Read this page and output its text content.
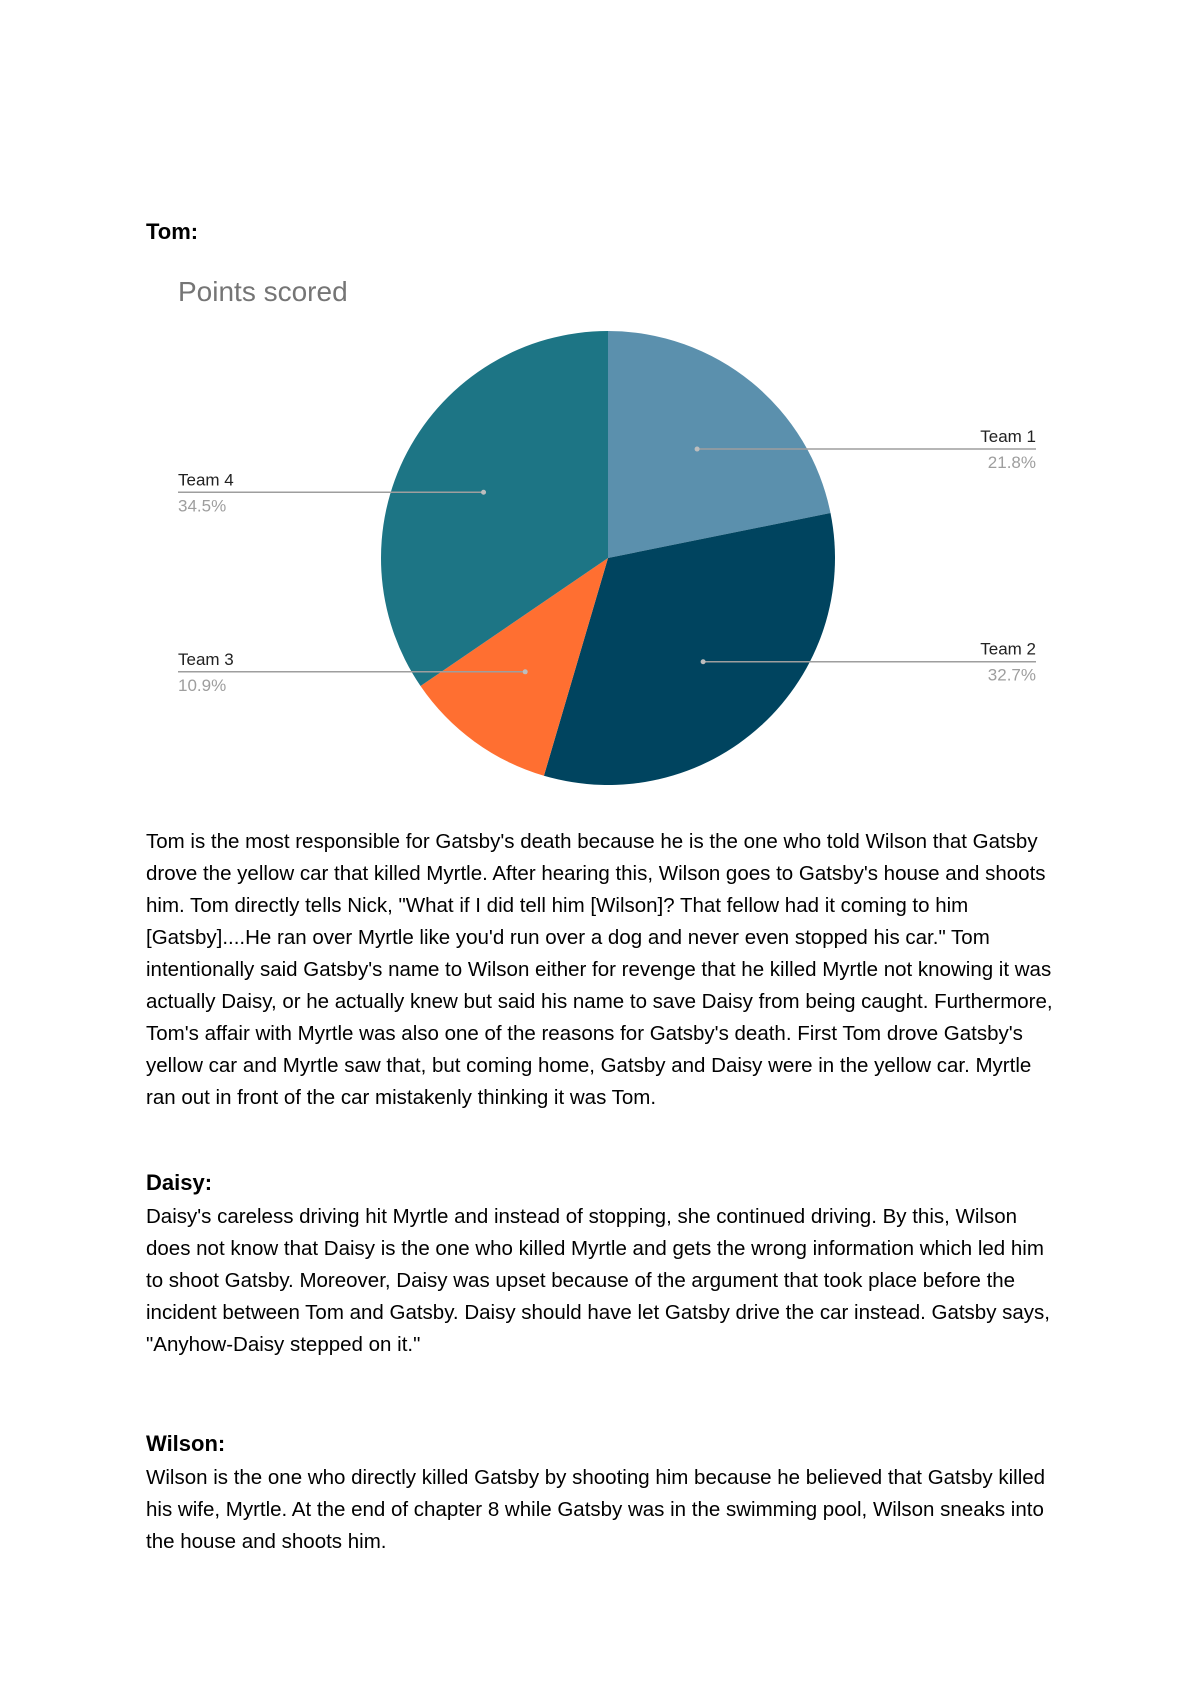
Tom:
Points scored
Team 1
21.8%
Team 2
32.7%
Team 3
10.9%
Team 4
34.5%

Tom is the most responsible for Gatsby's death because he is the one who told Wilson that Gatsby drove the yellow car that killed Myrtle. After hearing this, Wilson goes to Gatsby's house and shoots him. Tom directly tells Nick, "What if I did tell him [Wilson]? That fellow had it coming to him [Gatsby]....He ran over Myrtle like you'd run over a dog and never even stopped his car." Tom intentionally said Gatsby's name to Wilson either for revenge that he killed Myrtle not knowing it was actually Daisy, or he actually knew but said his name to save Daisy from being caught. Furthermore, Tom's affair with Myrtle was also one of the reasons for Gatsby's death. First Tom drove Gatsby's yellow car and Myrtle saw that, but coming home, Gatsby and Daisy were in the yellow car. Myrtle ran out in front of the car mistakenly thinking it was Tom.

Daisy:

Daisy's careless driving hit Myrtle and instead of stopping, she continued driving. By this, Wilson does not know that Daisy is the one who killed Myrtle and gets the wrong information which led him to shoot Gatsby. Moreover, Daisy was upset because of the argument that took place before the incident between Tom and Gatsby. Daisy should have let Gatsby drive the car instead. Gatsby says, "Anyhow-Daisy stepped on it."

Wilson:

Wilson is the one who directly killed Gatsby by shooting him because he believed that Gatsby killed his wife, Myrtle. At the end of chapter 8 while Gatsby was in the swimming pool, Wilson sneaks into the house and shoots him.
